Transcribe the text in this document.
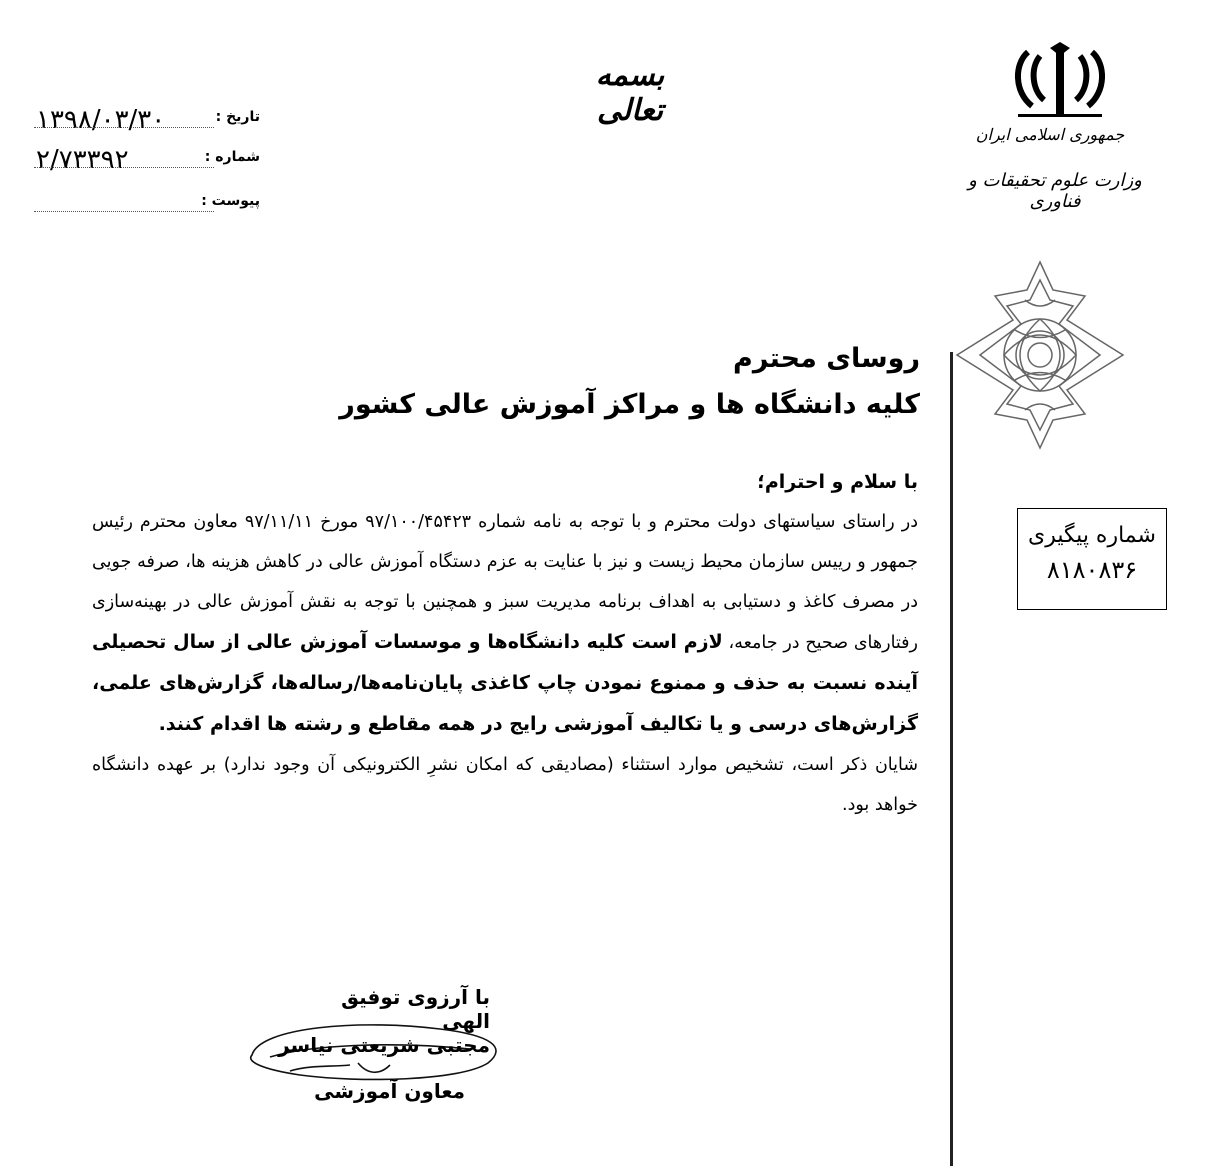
بسمه تعالی
جمهوری اسلامی ایران
وزارت علوم تحقیقات و فناوری
۱۳۹۸/۰۳/۳۰	تاریخ :
۲/۷۳۳۹۲	شماره :
پیوست :
شماره پیگیری
۸۱۸۰۸۳۶
روسای محترم
کلیه دانشگاه ها و مراکز آموزش عالی کشور

با سلام و احترام؛

در راستای سیاستهای دولت محترم و با توجه به نامه شماره ۹۷/۱۰۰/۴۵۴۲۳ مورخ ۹۷/۱۱/۱۱ معاون محترم رئیس جمهور و رییس سازمان محیط زیست و نیز با عنایت به عزم دستگاه آموزش عالی در کاهش هزینه ها، صرفه جویی در مصرف کاغذ و دستیابی به اهداف برنامه مدیریت سبز و همچنین با توجه به نقش آموزش عالی در بهینه‌سازی رفتارهای صحیح در جامعه، لازم است کلیه دانشگاه‌ها و موسسات آموزش عالی از سال تحصیلی آینده نسبت به حذف و ممنوع نمودن چاپ کاغذی پایان‌نامه‌ها/رساله‌ها، گزارش‌های علمی، گزارش‌های درسی و یا تکالیف آموزشی رایج در همه مقاطع و رشته ها اقدام کنند.

شایان ذکر است، تشخیص موارد استثناء (مصادیقی که امکان نشرِ الکترونیکی آن وجود ندارد) بر عهده دانشگاه خواهد بود.

با آرزوی توفیق الهی
مجتبی شریعتی نیاسر
معاون آموزشی
